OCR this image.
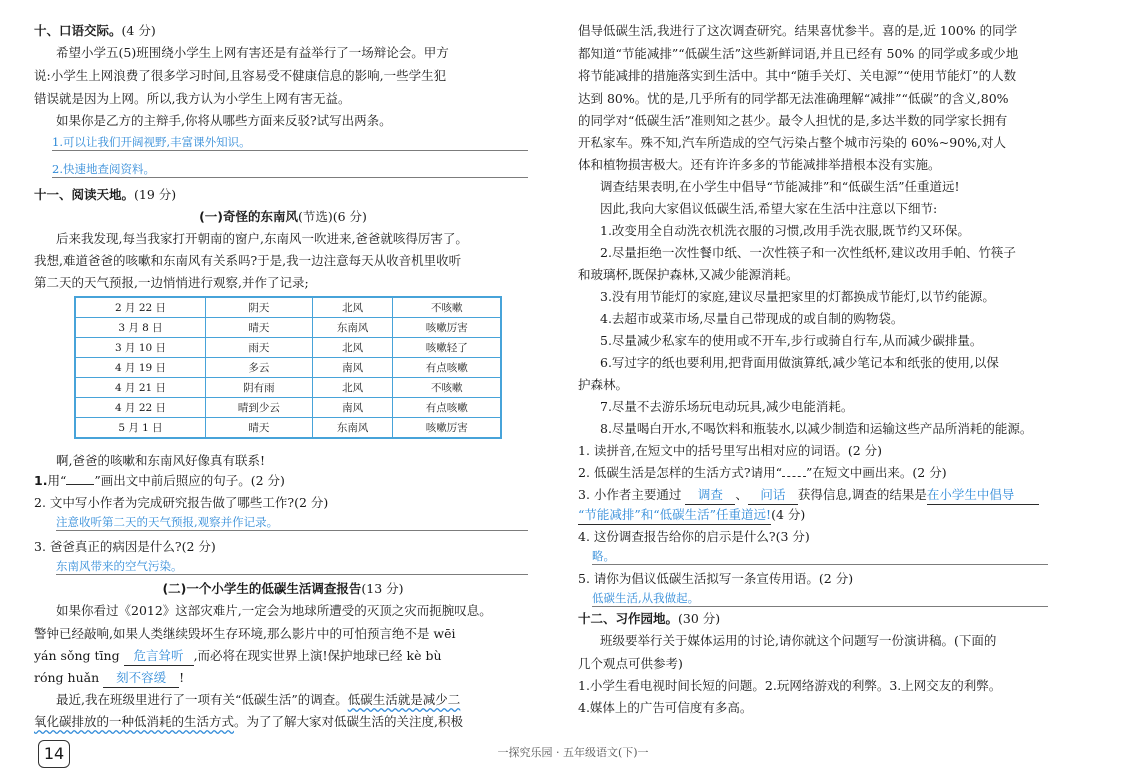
十、口语交际。(4 分)
希望小学五(5)班围绕小学生上网有害还是有益举行了一场辩论会。甲方
说:小学生上网浪费了很多学习时间,且容易受不健康信息的影响,一些学生犯
错误就是因为上网。所以,我方认为小学生上网有害无益。
如果你是乙方的主辩手,你将从哪些方面来反驳?试写出两条。
1.可以让我们开阔视野,丰富课外知识。
2.快速地查阅资料。
十一、阅读天地。(19 分)
(一)奇怪的东南风(节选)(6 分)
后来我发现,每当我家打开朝南的窗户,东南风一吹进来,爸爸就咳得厉害了。
我想,难道爸爸的咳嗽和东南风有关系吗?于是,我一边注意每天从收音机里收听
第二天的天气预报,一边悄悄进行观察,并作了记录;
2 月 22 日	阴天	北风	不咳嗽
3 月 8 日	晴天	东南风	咳嗽厉害
3 月 10 日	雨天	北风	咳嗽轻了
4 月 19 日	多云	南风	有点咳嗽
4 月 21 日	阴有雨	北风	不咳嗽
4 月 22 日	晴到少云	南风	有点咳嗽
5 月 1 日	晴天	东南风	咳嗽厉害
啊,爸爸的咳嗽和东南风好像真有联系!
1.用“ ”画出文中前后照应的句子。(2 分)
2. 文中写小作者为完成研究报告做了哪些工作?(2 分)
注意收听第二天的天气预报,观察并作记录。
3. 爸爸真正的病因是什么?(2 分)
东南风带来的空气污染。
(二)一个小学生的低碳生活调查报告(13 分)
如果你看过《2012》这部灾难片,一定会为地球所遭受的灭顶之灾而扼腕叹息。
警钟已经敲响,如果人类继续毁坏生存环境,那么影片中的可怕预言绝不是 wēi
yán sǒng tīng 危言耸听 ,而必将在现实世界上演!保护地球已经 kè bù
róng huǎn 刻不容缓 !
最近,我在班级里进行了一项有关“低碳生活”的调查。低碳生活就是减少二
氧化碳排放的一种低消耗的生活方式。为了了解大家对低碳生活的关注度,积极
倡导低碳生活,我进行了这次调查研究。结果喜忧参半。喜的是,近 100% 的同学
都知道“节能减排”“低碳生活”这些新鲜词语,并且已经有 50% 的同学或多或少地
将节能减排的措施落实到生活中。其中“随手关灯、关电源”“使用节能灯”的人数
达到 80%。忧的是,几乎所有的同学都无法准确理解“减排”“低碳”的含义,80%
的同学对“低碳生活”准则知之甚少。最令人担忧的是,多达半数的同学家长拥有
开私家车。殊不知,汽车所造成的空气污染占整个城市污染的 60%~90%,对人
体和植物损害极大。还有许许多多的节能减排举措根本没有实施。
调查结果表明,在小学生中倡导“节能减排”和“低碳生活”任重道远!
因此,我向大家倡议低碳生活,希望大家在生活中注意以下细节:
1.改变用全自动洗衣机洗衣服的习惯,改用手洗衣服,既节约又环保。
2.尽量拒绝一次性餐巾纸、一次性筷子和一次性纸杯,建议改用手帕、竹筷子
和玻璃杯,既保护森林,又减少能源消耗。
3.没有用节能灯的家庭,建议尽量把家里的灯都换成节能灯,以节约能源。
4.去超市或菜市场,尽量自己带现成的或自制的购物袋。
5.尽量减少私家车的使用或不开车,步行或骑自行车,从而减少碳排量。
6.写过字的纸也要利用,把背面用做演算纸,减少笔记本和纸张的使用,以保
护森林。
7.尽量不去游乐场玩电动玩具,减少电能消耗。
8.尽量喝白开水,不喝饮料和瓶装水,以减少制造和运输这些产品所消耗的能源。
1. 读拼音,在短文中的括号里写出相对应的词语。(2 分)
2. 低碳生活是怎样的生活方式?请用“ ”在短文中画出来。(2 分)
3. 小作者主要通过 调查 、 问话 获得信息,调查的结果是在小学生中倡导
“节能减排”和“低碳生活”任重道远!(4 分)
4. 这份调查报告给你的启示是什么?(3 分)
略。
5. 请你为倡议低碳生活拟写一条宣传用语。(2 分)
低碳生活,从我做起。
十二、习作园地。(30 分)
班级要举行关于媒体运用的讨论,请你就这个问题写一份演讲稿。(下面的
几个观点可供参考)
1.小学生看电视时间长短的问题。2.玩网络游戏的利弊。3.上网交友的利弊。
4.媒体上的广告可信度有多高。
14	一探究乐园 · 五年级语文(下)一
